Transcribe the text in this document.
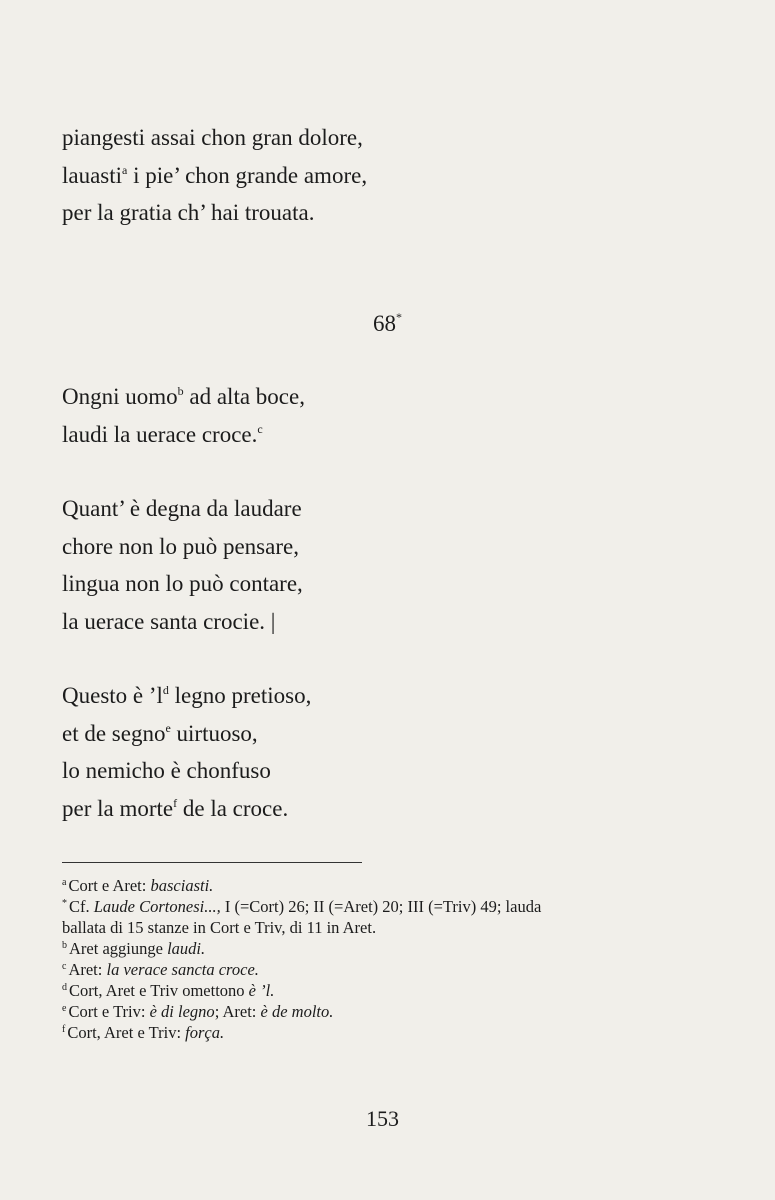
piangesti assai chon gran dolore,
lauasti$^a$ i pie’ chon grande amore,
per la gratia ch’ hai trouata.
68*
Ongni uomo$^b$ ad alta boce,
laudi la uerace croce.$^c$
Quant’ è degna da laudare
chore non lo può pensare,
lingua non lo può contare,
la uerace santa crocie. |
Questo è ’l$^d$ legno pretioso,
et de segno$^e$ uirtuoso,
lo nemicho è chonfuso
per la morte$^f$ de la croce.
$^a$ Cort e Aret: basciasti.
* Cf. Laude Cortonesi..., I (=Cort) 26; II (=Aret) 20; III (=Triv) 49; lauda
ballata di 15 stanze in Cort e Triv, di 11 in Aret.
$^b$ Aret aggiunge laudi.
$^c$ Aret: la verace sancta croce.
$^d$ Cort, Aret e Triv omettono è ’l.
$^e$ Cort e Triv: è di legno; Aret: è de molto.
$^f$ Cort, Aret e Triv: força.
153
